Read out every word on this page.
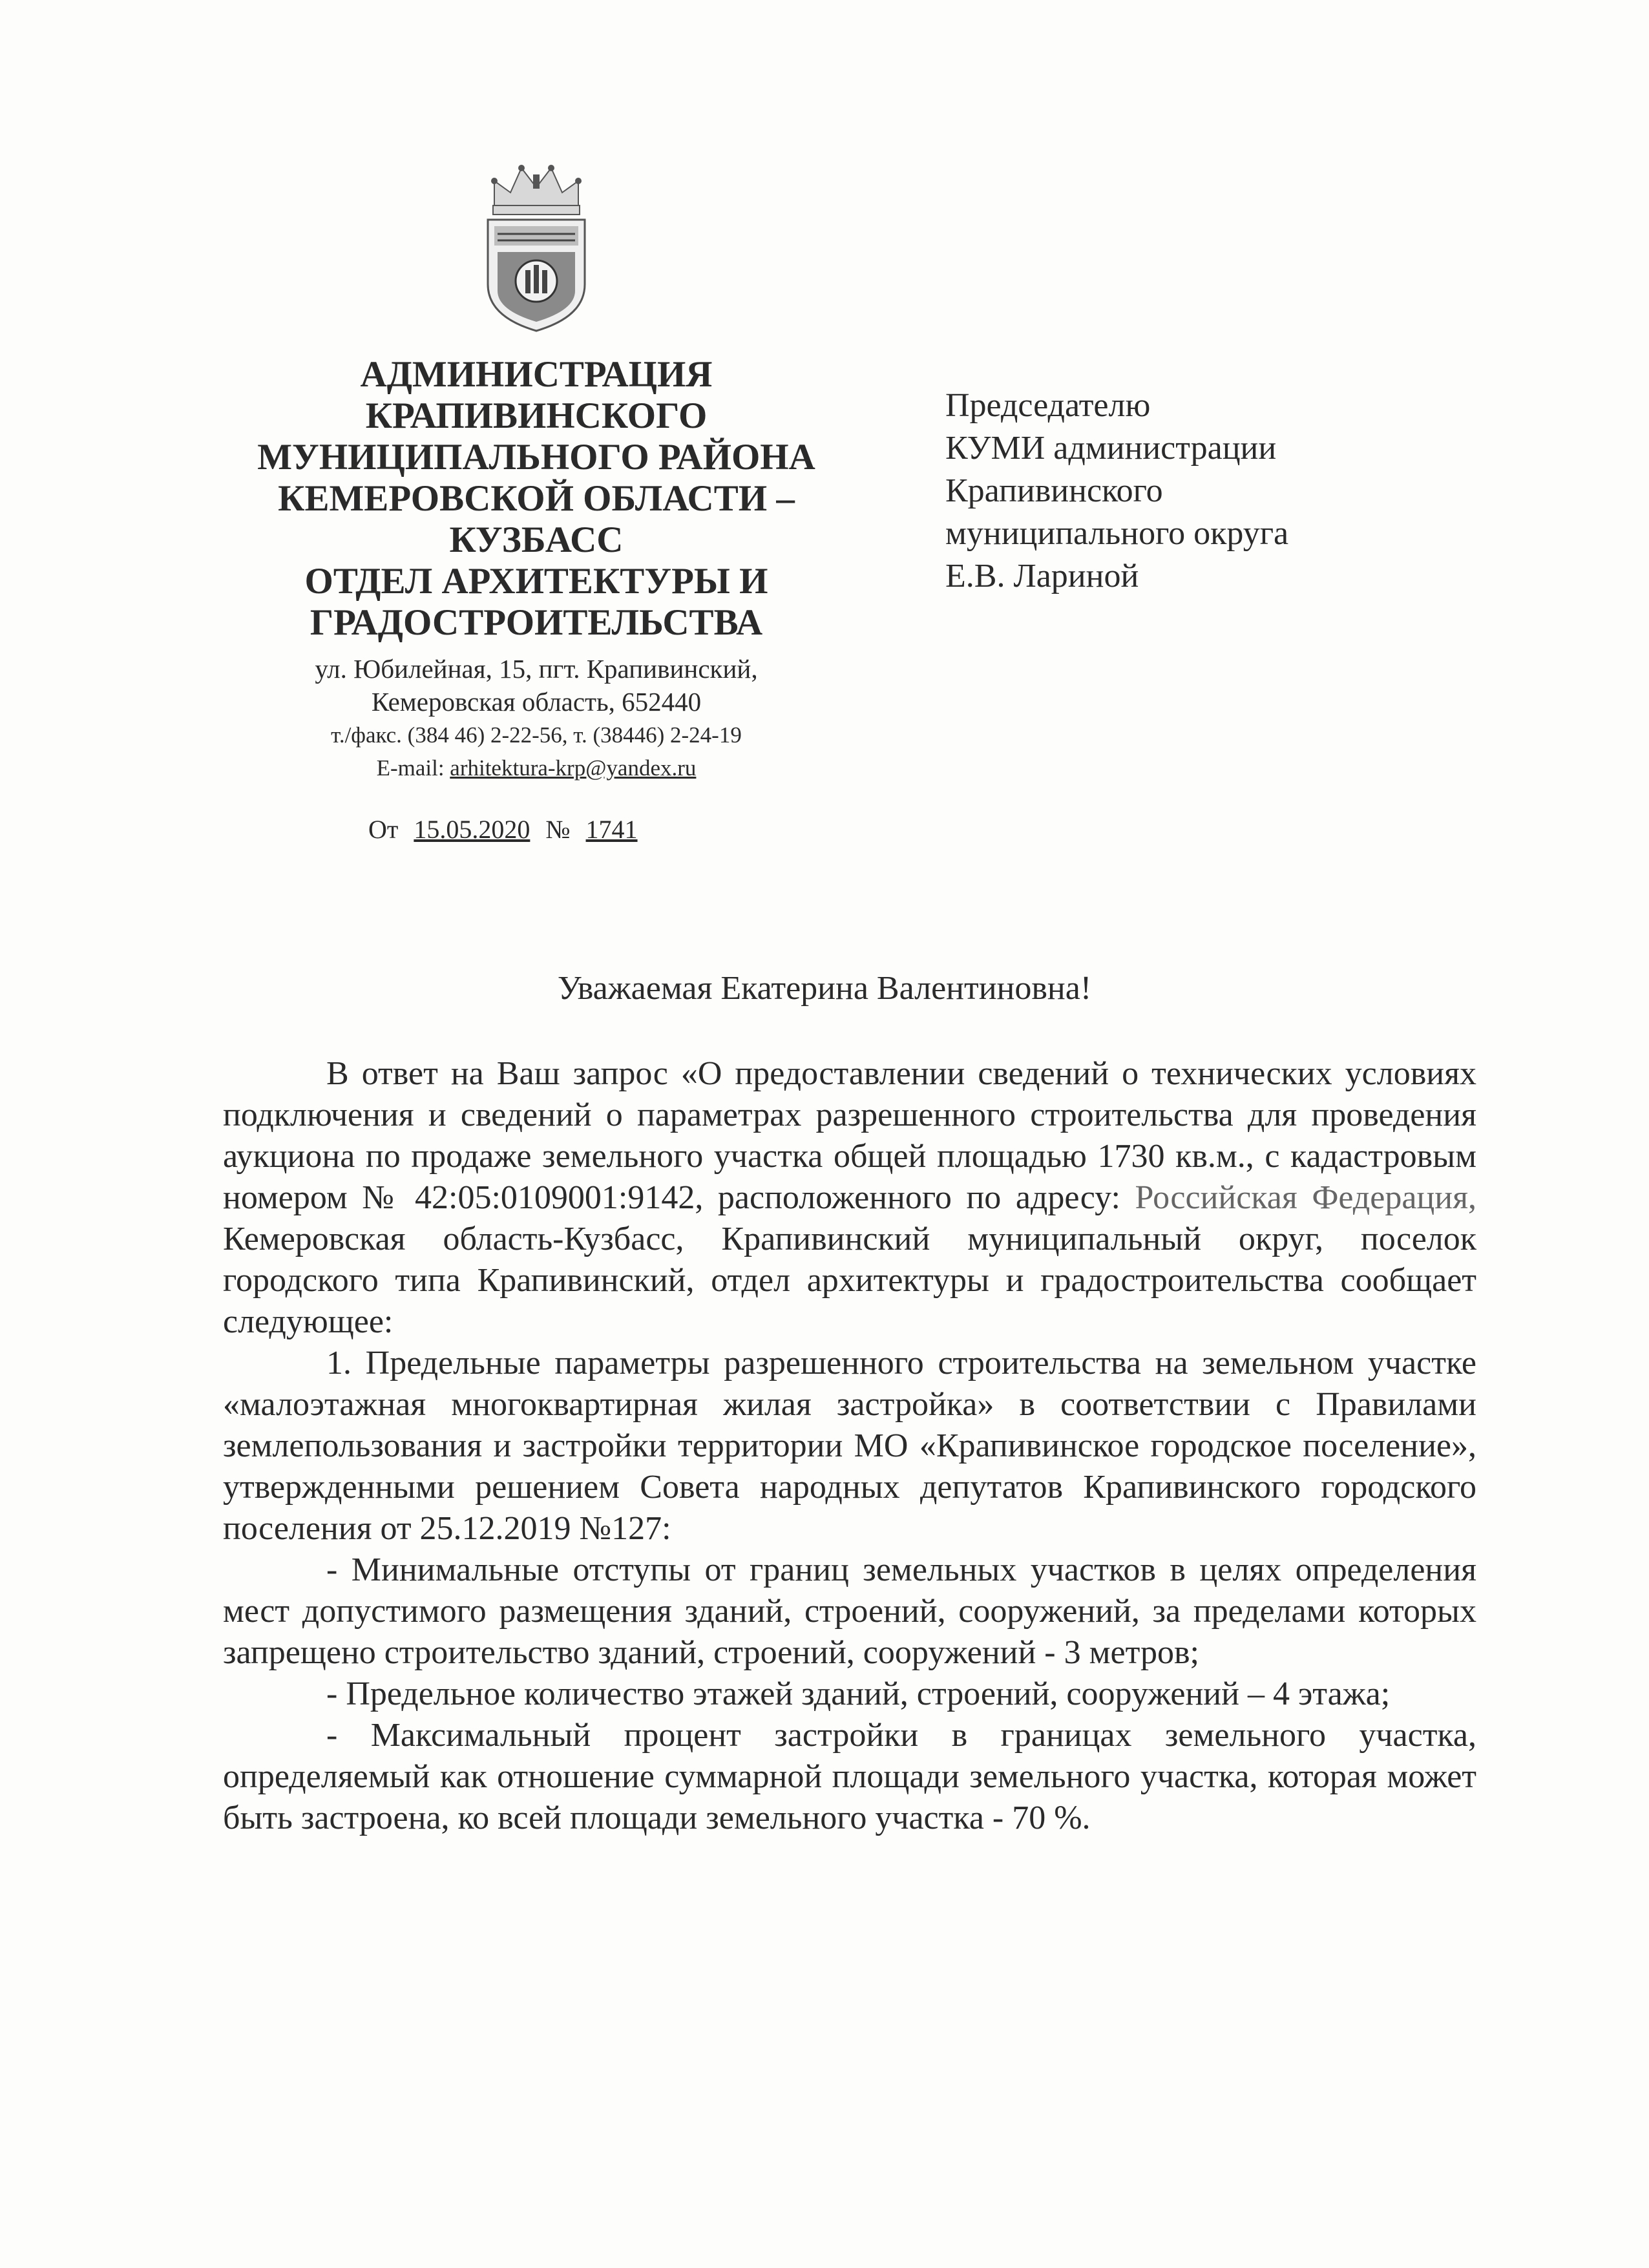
АДМИНИСТРАЦИЯ
КРАПИВИНСКОГО
МУНИЦИПАЛЬНОГО РАЙОНА
КЕМЕРОВСКОЙ ОБЛАСТИ –
КУЗБАСС
ОТДЕЛ АРХИТЕКТУРЫ И
ГРАДОСТРОИТЕЛЬСТВА
ул. Юбилейная, 15, пгт. Крапивинский,
Кемеровская область, 652440
т./факс. (384 46) 2-22-56, т. (38446) 2-24-19
E-mail: arhitektura-krp@yandex.ru
От 15.05.2020 № 1741
Председателю
КУМИ администрации
Крапивинского
муниципального округа
Е.В. Лариной
Уважаемая Екатерина Валентиновна!

В ответ на Ваш запрос «О предоставлении сведений о технических условиях подключения и сведений о параметрах разрешенного строительства для проведения аукциона по продаже земельного участка общей площадью 1730 кв.м., с кадастровым номером № 42:05:0109001:9142, расположенного по адресу: Российская Федерация, Кемеровская область-Кузбасс, Крапивинский муниципальный округ, поселок городского типа Крапивинский, отдел архитектуры и градостроительства сообщает следующее:

1. Предельные параметры разрешенного строительства на земельном участке «малоэтажная многоквартирная жилая застройка» в соответствии с Правилами землепользования и застройки территории МО «Крапивинское городское поселение», утвержденными решением Совета народных депутатов Крапивинского городского поселения от 25.12.2019 №127:

- Минимальные отступы от границ земельных участков в целях определения мест допустимого размещения зданий, строений, сооружений, за пределами которых запрещено строительство зданий, строений, сооружений - 3 метров;

- Предельное количество этажей зданий, строений, сооружений – 4 этажа;

- Максимальный процент застройки в границах земельного участка, определяемый как отношение суммарной площади земельного участка, которая может быть застроена, ко всей площади земельного участка - 70 %.
